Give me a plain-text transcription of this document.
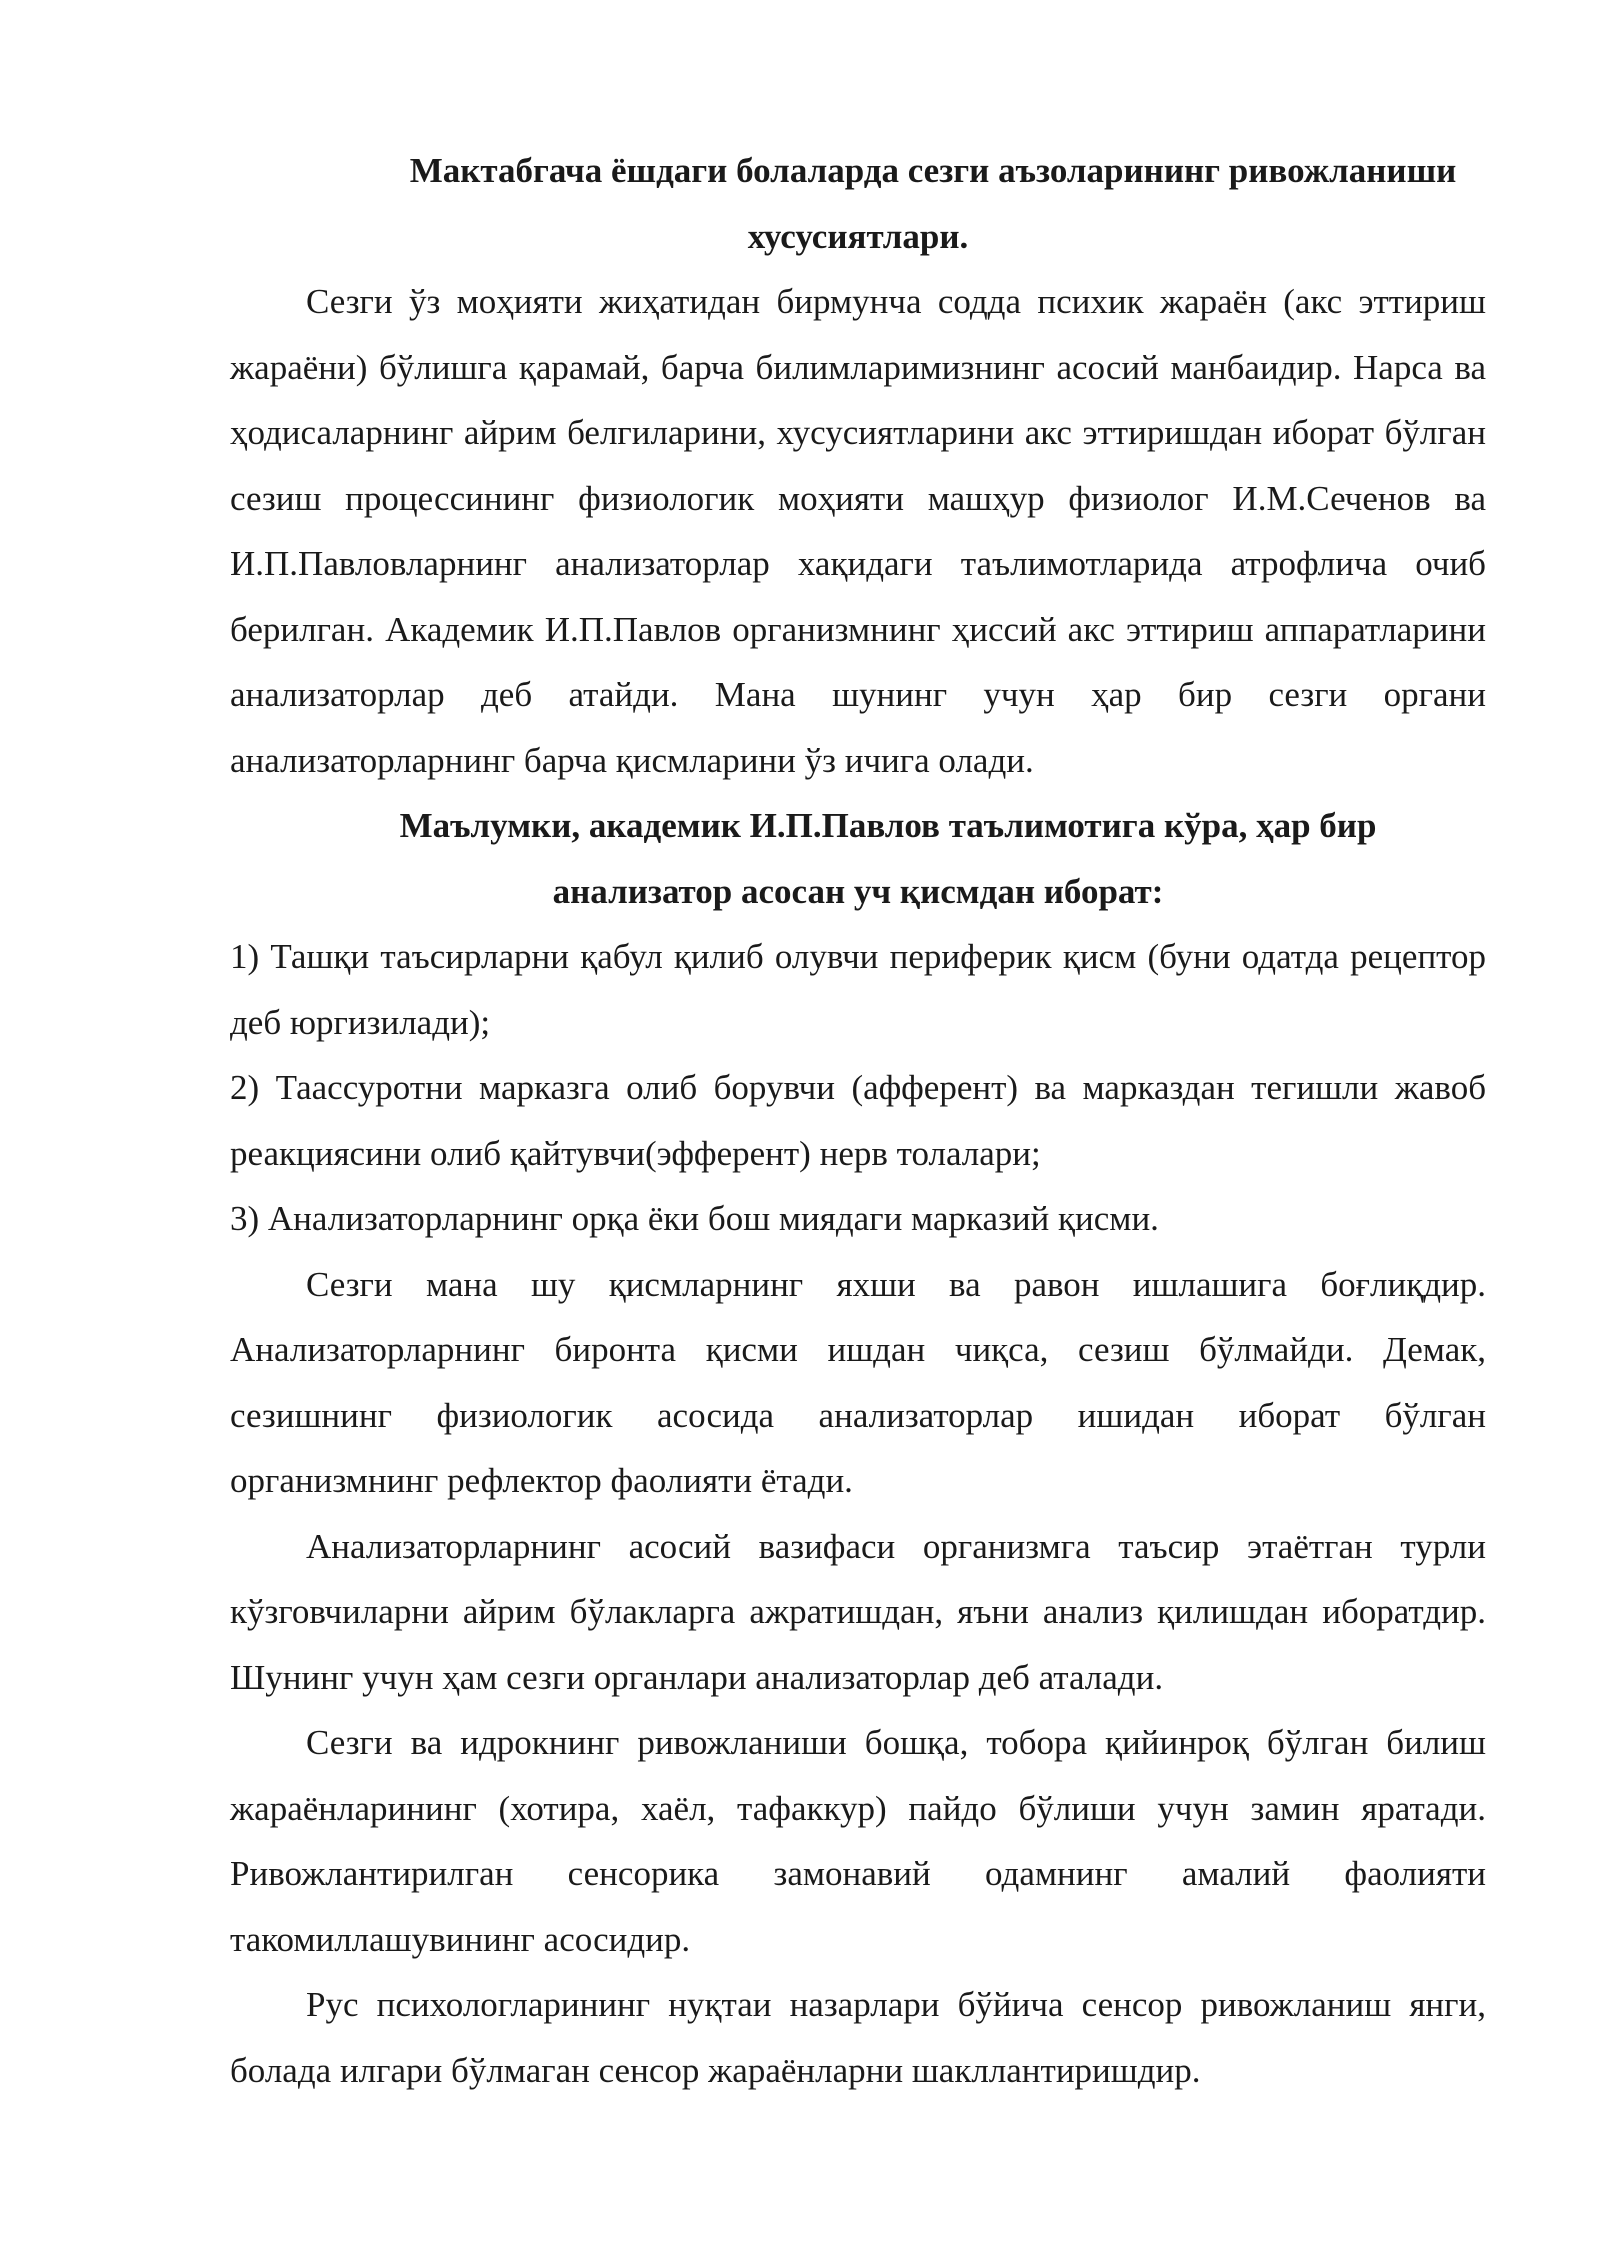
Мактабгача ёшдаги болаларда сезги аъзоларининг ривожланиши

хусусиятлари.

Сезги ўз моҳияти жиҳатидан бирмунча содда психик жараён (акс эттириш жараёни) бўлишга қарамай, барча билимларимизнинг асосий манбаидир. Нарса ва ҳодисаларнинг айрим белгиларини, хусусиятларини акс эттиришдан иборат бўлган сезиш процессининг физиологик моҳияти машҳур физиолог И.М.Сеченов ва И.П.Павловларнинг анализаторлар хақидаги таълимотларида атрофлича очиб берилган. Академик И.П.Павлов организмнинг ҳиссий акс эттириш аппаратларини анализаторлар деб атайди. Мана шунинг учун ҳар бир сезги органи анализаторларнинг барча қисмларини ўз ичига олади.

Маълумки, академик И.П.Павлов таълимотига кўра, ҳар бир

анализатор асосан уч қисмдан иборат:

1) Ташқи таъсирларни қабул қилиб олувчи периферик қисм (буни одатда рецептор деб юргизилади);

2) Таассуротни марказга олиб борувчи (афферент) ва марказдан тегишли жавоб реакциясини олиб қайтувчи(эфферент) нерв толалари;

3) Анализаторларнинг орқа ёки бош миядаги марказий қисми.

Сезги мана шу қисмларнинг яхши ва равон ишлашига боғлиқдир. Анализаторларнинг биронта қисми ишдан чиқса, сезиш бўлмайди. Демак, сезишнинг физиологик асосида анализаторлар ишидан иборат бўлган организмнинг рефлектор фаолияти ётади.

Анализаторларнинг асосий вазифаси организмга таъсир этаётган турли кўзговчиларни айрим бўлакларга ажратишдан, яъни анализ қилишдан иборатдир. Шунинг учун ҳам сезги органлари анализаторлар деб аталади.

Сезги ва идрокнинг ривожланиши бошқа, тобора қийинроқ бўлган билиш жараёнларининг (хотира, хаёл, тафаккур) пайдо бўлиши учун замин яратади. Ривожлантирилган сенсорика замонавий одамнинг амалий фаолияти такомиллашувининг асосидир.

Рус психологларининг нуқтаи назарлари бўйича сенсор ривожланиш янги, болада илгари бўлмаган сенсор жараёнларни шакллантиришдир.
